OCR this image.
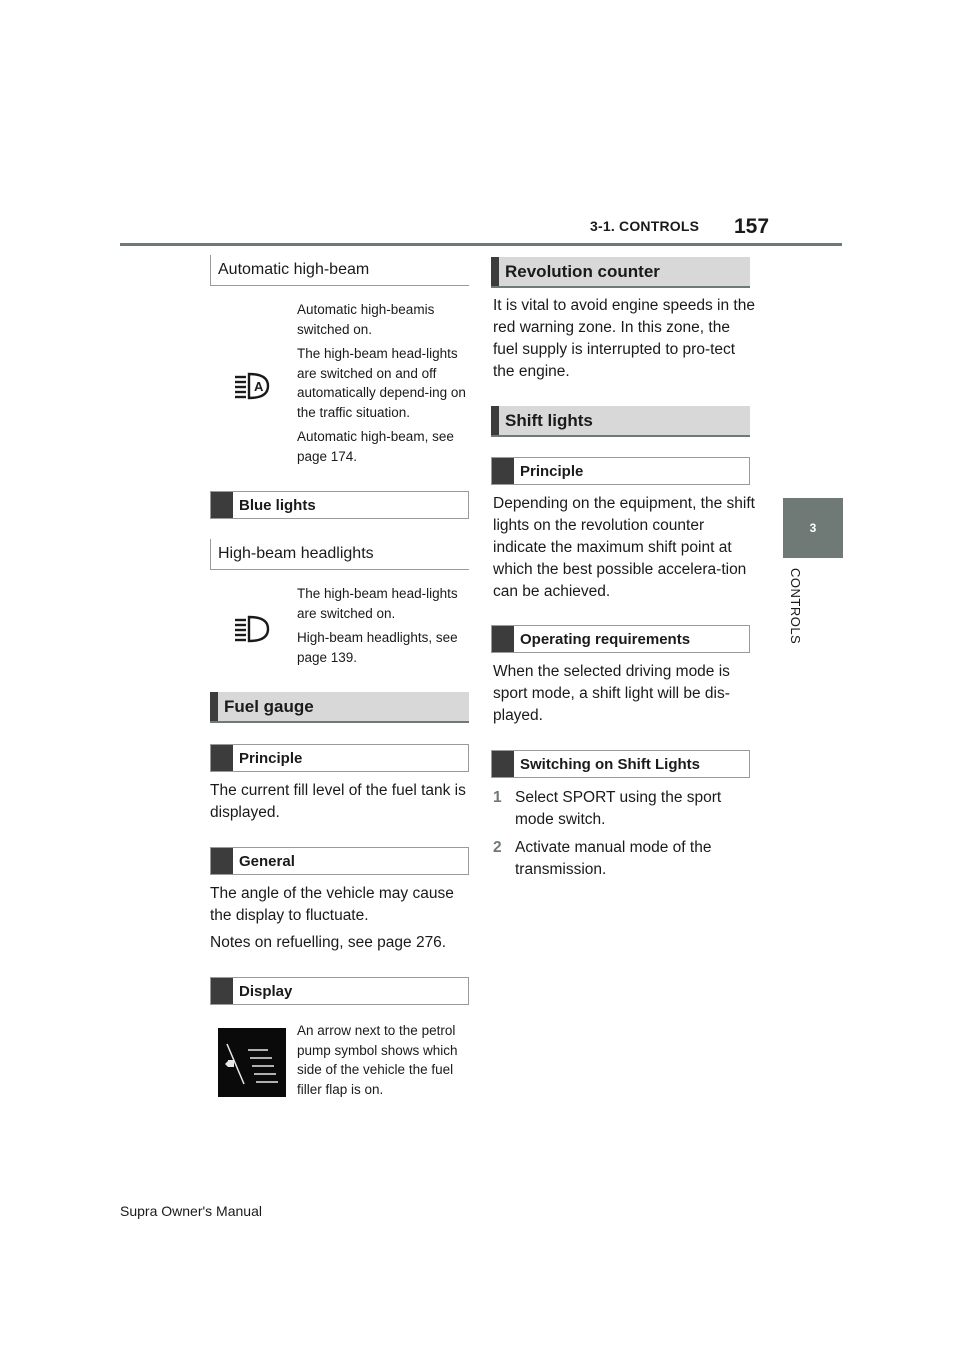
3-1. CONTROLS 157
3
CONTROLS
Automatic high-beam
A

Automatic high-beamis switched on.

The high-beam head-lights are switched on and off automatically depend-ing on the traffic situation.

Automatic high-beam, see page 174.

Blue lights
High-beam headlights

The high-beam head-lights are switched on.

High-beam headlights, see page 139.

Fuel gauge
Principle
The current fill level of the fuel tank is displayed.
General
The angle of the vehicle may cause the display to fluctuate.
Notes on refuelling, see page 276.
Display
An arrow next to the petrol pump symbol shows which side of the vehicle the fuel filler flap is on.
Revolution counter
It is vital to avoid engine speeds in the red warning zone. In this zone, the fuel supply is interrupted to pro-tect the engine.
Shift lights
Principle
Depending on the equipment, the shift lights on the revolution counter indicate the maximum shift point at which the best possible accelera-tion can be achieved.
Operating requirements
When the selected driving mode is sport mode, a shift light will be dis-played.
Switching on Shift Lights
1 Select SPORT using the sport mode switch.
2 Activate manual mode of the transmission.
Supra Owner's Manual
